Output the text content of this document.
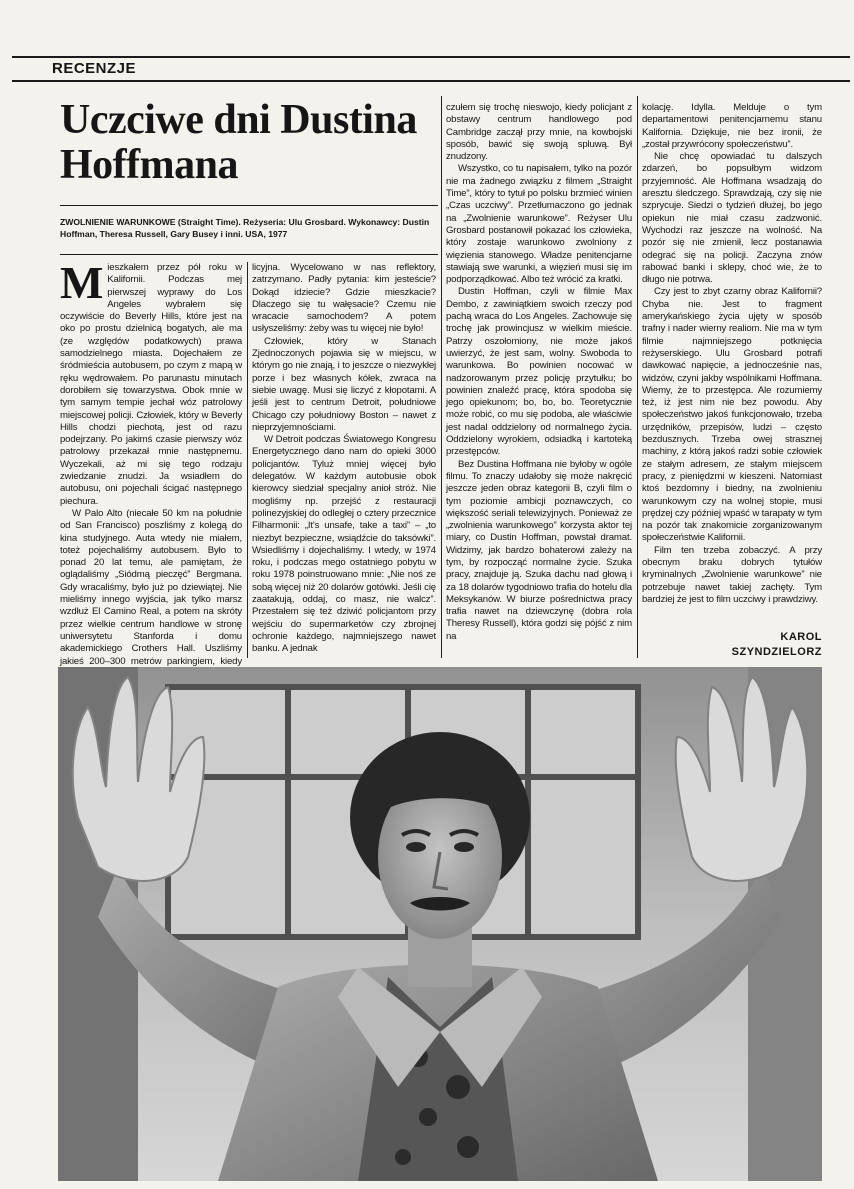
RECENZJE
Uczciwe dni Dustina Hoffmana
ZWOLNIENIE WARUNKOWE (Straight Time). Reżyseria: Ulu Grosbard. Wykonawcy: Dustin Hoffman, Theresa Russell, Gary Busey i inni. USA, 1977

Mieszkałem przez pół roku w Kalifornii. Podczas mej pierwszej wyprawy do Los Angeles wybrałem się oczywiście do Beverly Hills, które jest na oko po prostu dzielnicą bogatych, ale ma (ze względów podatkowych) prawa samodzielnego miasta. Dojechałem ze śródmieścia autobusem, po czym z mapą w ręku wędrowałem. Po parunastu minutach dorobiłem się towarzystwa. Obok mnie w tym samym tempie jechał wóz patrolowy miejscowej policji. Człowiek, który w Beverly Hills chodzi piechotą, jest od razu podejrzany. Po jakimś czasie pierwszy wóz patrolowy przekazał mnie następnemu. Wyczekali, aż mi się tego rodzaju zwiedzanie znudzi. Ja wsiadłem do autobusu, oni pojechali ścigać następnego piechura.

W Palo Alto (niecałe 50 km na południe od San Francisco) poszliśmy z kolegą do kina studyjnego. Auta wtedy nie miałem, toteż pojechaliśmy autobusem. Było to ponad 20 lat temu, ale pamiętam, że oglądaliśmy „Siódmą pieczęć” Bergmana. Gdy wracaliśmy, było już po dziewiątej. Nie mieliśmy innego wyjścia, jak tylko marsz wzdłuż El Camino Real, a potem na skróty przez wielkie centrum handlowe w stronę uniwersytetu Stanforda i domu akademickiego Crothers Hall. Uszliśmy jakieś 200–300 metrów parkingiem, kiedy

licyjna. Wycelowano w nas reflektory, zatrzymano. Padły pytania: kim jesteście? Dokąd idziecie? Gdzie mieszkacie? Dlaczego się tu wałęsacie? Czemu nie wracacie samochodem? A potem usłyszeliśmy: żeby was tu więcej nie było!

Człowiek, który w Stanach Zjednoczonych pojawia się w miejscu, w którym go nie znają, i to jeszcze o niezwykłej porze i bez własnych kółek, zwraca na siebie uwagę. Musi się liczyć z kłopotami. A jeśli jest to centrum Detroit, południowe Chicago czy południowy Boston – nawet z nieprzyjemnościami.

W Detroit podczas Światowego Kongresu Energetycznego dano nam do opieki 3000 policjantów. Tyluż mniej więcej było delegatów. W każdym autobusie obok kierowcy siedział specjalny anioł stróż. Nie mogliśmy np. przejść z restauracji polinezyjskiej do odległej o cztery przecznice Filharmonii: „It's unsafe, take a taxi” – „to niezbyt bezpieczne, wsiądźcie do taksówki”. Wsiedliśmy i dojechaliśmy. I wtedy, w 1974 roku, i podczas mego ostatniego pobytu w roku 1978 poinstruowano mnie: „Nie noś ze sobą więcej niż 20 dolarów gotówki. Jeśli cię zaatakują, oddaj, co masz, nie walcz”. Przestałem się też dziwić policjantom przy wejściu do supermarketów czy zbrojnej ochronie każdego, najmniejszego nawet banku. A jednak

czułem się trochę nieswojo, kiedy policjant z obstawy centrum handlowego pod Cambridge zaczął przy mnie, na kowbojski sposób, bawić się swoją spluwą. Był znudzony.

Wszystko, co tu napisałem, tylko na pozór nie ma żadnego związku z filmem „Straight Time”, który to tytuł po polsku brzmieć winien „Czas uczciwy”. Przetłumaczono go jednak na „Zwolnienie warunkowe”. Reżyser Ulu Grosbard postanowił pokazać los człowieka, który zostaje warunkowo zwolniony z więzienia stanowego. Władze penitencjarne stawiają swe warunki, a więzień musi się im podporządkować. Albo też wrócić za kratki.

Dustin Hoffman, czyli w filmie Max Dembo, z zawiniątkiem swoich rzeczy pod pachą wraca do Los Angeles. Zachowuje się trochę jak prowincjusz w wielkim mieście. Patrzy oszołomiony, nie może jakoś uwierzyć, że jest sam, wolny. Swoboda to warunkowa. Bo powinien nocować w nadzorowanym przez policję przytułku; bo powinien znaleźć pracę, która spodoba się jego opiekunom; bo, bo, bo. Teoretycznie może robić, co mu się podoba, ale właściwie jest nadal oddzielony od normalnego życia. Oddzielony wyrokiem, odsiadką i kartoteką przestępców.

Bez Dustina Hoffmana nie byłoby w ogóle filmu. To znaczy udałoby się może nakręcić jeszcze jeden obraz kategorii B, czyli film o tym poziomie ambicji poznawczych, co większość seriali telewizyjnych. Ponieważ ze „zwolnienia warunkowego” korzysta aktor tej miary, co Dustin Hoffman, powstał dramat. Widzimy, jak bardzo bohaterowi zależy na tym, by rozpocząć normalne życie. Szuka pracy, znajduje ją. Szuka dachu nad głową i za 18 dolarów tygodniowo trafia do hotelu dla Meksykanów. W biurze pośrednictwa pracy trafia nawet na dziewczynę (dobra rola Theresy Russell), która godzi się pójść z nim na

kolację. Idylla. Melduje o tym departamentowi penitencjarnemu stanu Kalifornia. Dziękuje, nie bez ironii, że „został przywrócony społeczeństwu”.

Nie chcę opowiadać tu dalszych zdarzeń, bo popsułbym widzom przyjemność. Ale Hoffmana wsadzają do aresztu śledczego. Sprawdzają, czy się nie szprycuje. Siedzi o tydzień dłużej, bo jego opiekun nie miał czasu zadzwonić. Wychodzi raz jeszcze na wolność. Na pozór się nie zmienił, lecz postanawia odegrać się na policji. Zaczyna znów rabować banki i sklepy, choć wie, że to długo nie potrwa.

Czy jest to zbyt czarny obraz Kalifornii? Chyba nie. Jest to fragment amerykańskiego życia ujęty w sposób trafny i nader wierny realiom. Nie ma w tym filmie najmniejszego potknięcia reżyserskiego. Ulu Grosbard potrafi dawkować napięcie, a jednocześnie nas, widzów, czyni jakby wspólnikami Hoffmana. Wiemy, że to przestępca. Ale rozumiemy też, iż jest nim nie bez powodu. Aby społeczeństwo jakoś funkcjonowało, trzeba urzędników, przepisów, ludzi – często bezdusznych. Trzeba owej strasznej machiny, z którą jakoś radzi sobie człowiek ze stałym adresem, ze stałym miejscem pracy, z pieniędzmi w kieszeni. Natomiast ktoś bezdomny i biedny, na zwolnieniu warunkowym czy na wolnej stopie, musi prędzej czy później wpaść w tarapaty w tym na pozór tak znakomicie zorganizowanym społeczeństwie Kalifornii.

Film ten trzeba zobaczyć. A przy obecnym braku dobrych tytułów kryminalnych „Zwolnienie warunkowe” nie potrzebuje nawet takiej zachęty. Tym bardziej że jest to film uczciwy i prawdziwy.

KAROL
SZYNDZIELORZ
